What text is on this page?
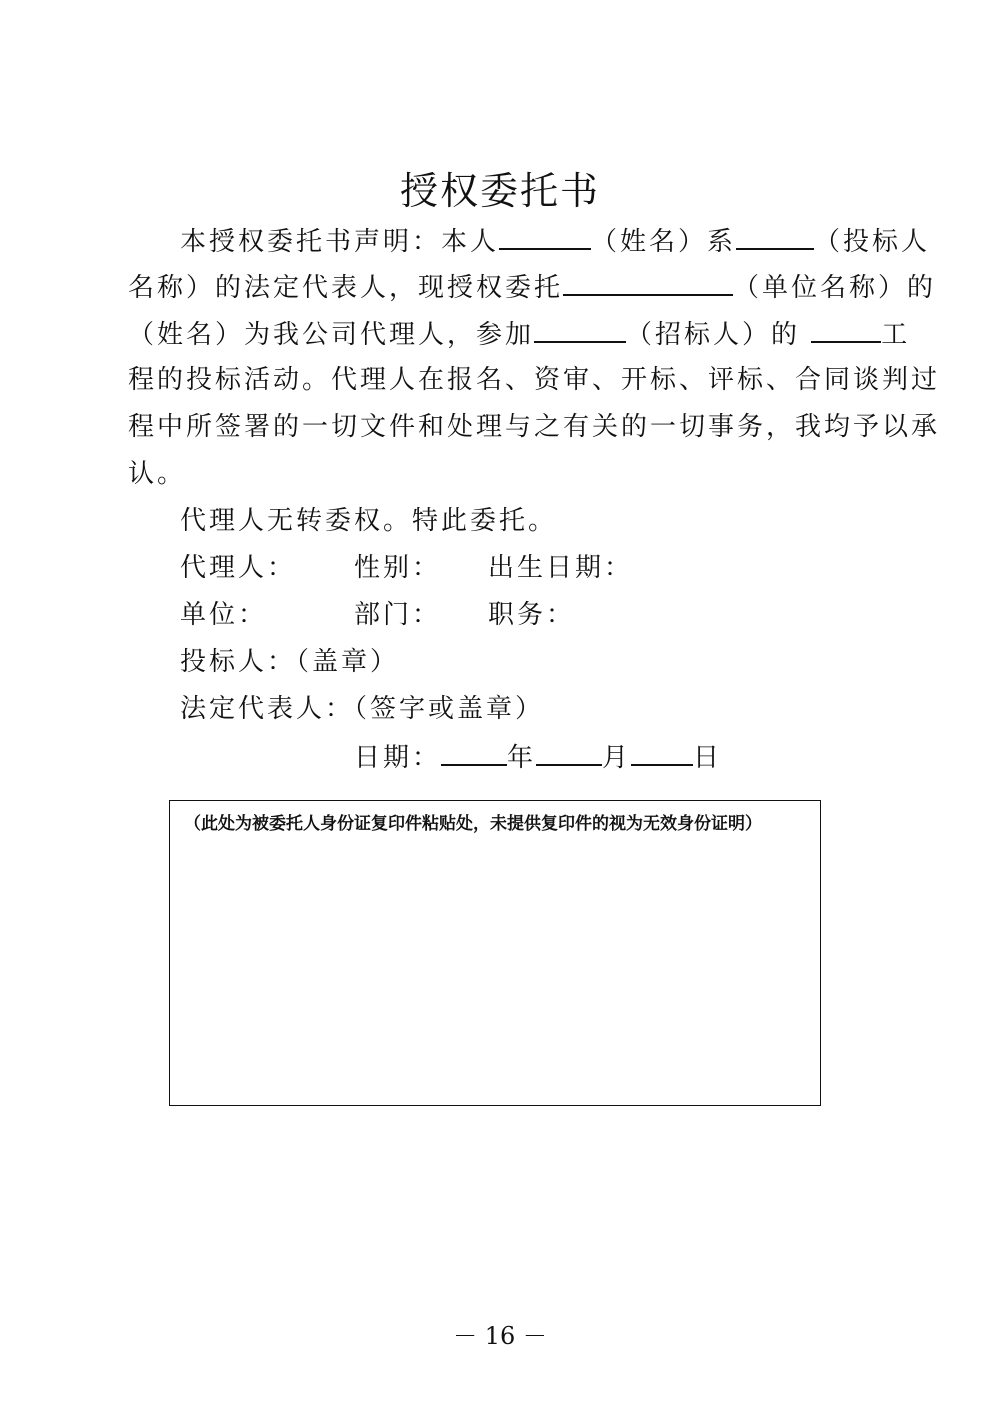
授权委托书
本授权委托书声明：本人	（姓名）系	（投标人
名称）的法定代表人，现授权委托	（单位名称）的
（姓名）为我公司代理人，参加	（招标人）的	工
程的投标活动。代理人在报名、资审、开标、评标、合同谈判过
程中所签署的一切文件和处理与之有关的一切事务，我均予以承
认。
代理人无转委权。特此委托。
代理人： 性别： 出生日期：
单位：	部门： 职务：
投标人：（盖章）
法定代表人：（签字或盖章）
日期：	年	月 日
（此处为被委托人身份证复印件粘贴处，未提供复印件的视为无效身份证明）
－ 16 －
